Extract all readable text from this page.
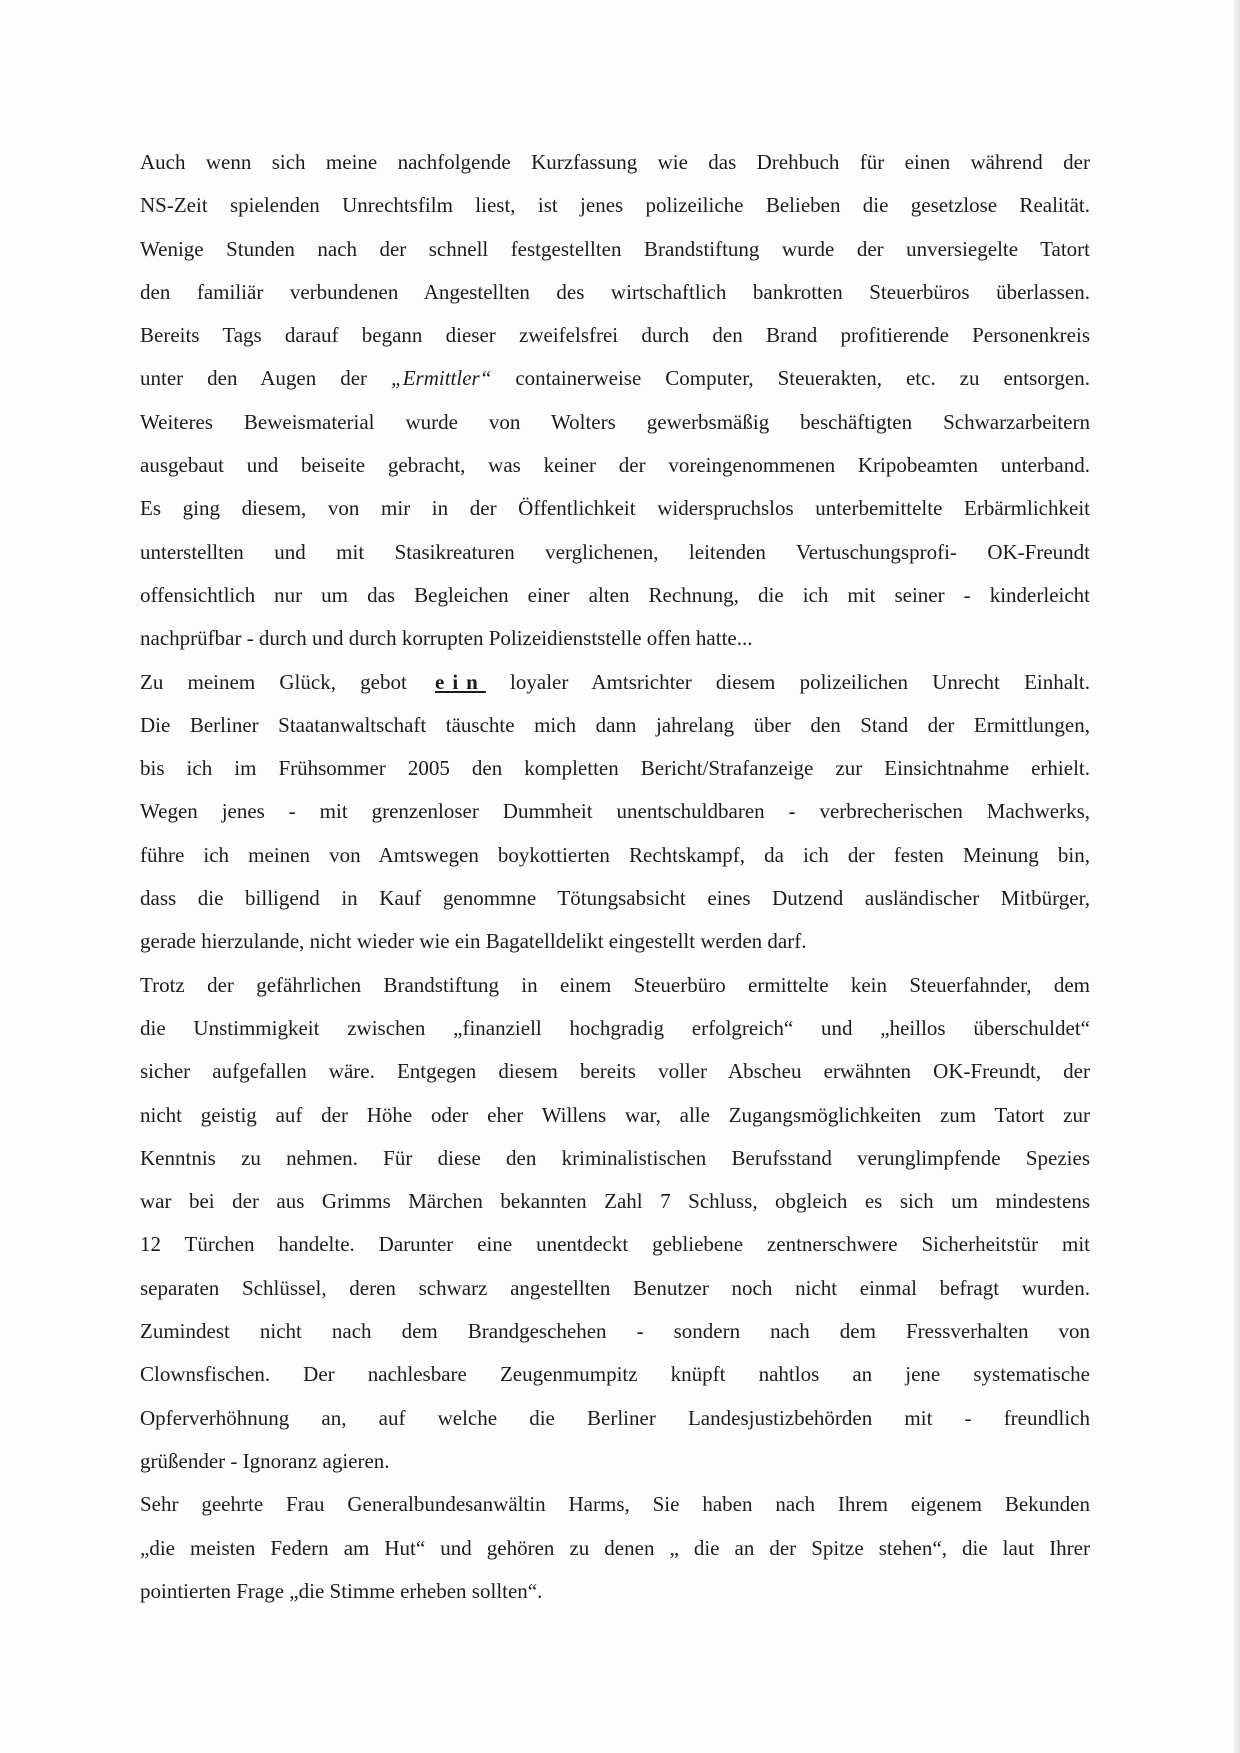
Auch wenn sich meine nachfolgende Kurzfassung wie das Drehbuch für einen während der
NS-Zeit spielenden Unrechtsfilm liest, ist jenes polizeiliche Belieben die gesetzlose Realität.
Wenige Stunden nach der schnell festgestellten Brandstiftung wurde der unversiegelte Tatort
den familiär verbundenen Angestellten des wirtschaftlich bankrotten Steuerbüros überlassen.
Bereits Tags darauf begann dieser zweifelsfrei durch den Brand profitierende Personenkreis
unter den Augen der „Ermittler“ containerweise Computer, Steuerakten, etc. zu entsorgen.
Weiteres Beweismaterial wurde von Wolters gewerbsmäßig beschäftigten Schwarzarbeitern
ausgebaut und beiseite gebracht, was keiner der voreingenommenen Kripobeamten unterband.
Es ging diesem, von mir in der Öffentlichkeit widerspruchslos unterbemittelte Erbärmlichkeit
unterstellten und mit Stasikreaturen verglichenen, leitenden Vertuschungsprofi- OK-Freundt
offensichtlich nur um das Begleichen einer alten Rechnung, die ich mit seiner - kinderleicht
nachprüfbar - durch und durch korrupten Polizeidienststelle offen hatte...
Zu meinem Glück, gebot ein loyaler Amtsrichter diesem polizeilichen Unrecht Einhalt.
Die Berliner Staatanwaltschaft täuschte mich dann jahrelang über den Stand der Ermittlungen,
bis ich im Frühsommer 2005 den kompletten Bericht/Strafanzeige zur Einsichtnahme erhielt.
Wegen jenes - mit grenzenloser Dummheit unentschuldbaren - verbrecherischen Machwerks,
führe ich meinen von Amtswegen boykottierten Rechtskampf, da ich der festen Meinung bin,
dass die billigend in Kauf genommne Tötungsabsicht eines Dutzend ausländischer Mitbürger,
gerade hierzulande, nicht wieder wie ein Bagatelldelikt eingestellt werden darf.
Trotz der gefährlichen Brandstiftung in einem Steuerbüro ermittelte kein Steuerfahnder, dem
die Unstimmigkeit zwischen „finanziell hochgradig erfolgreich“ und „heillos überschuldet“
sicher aufgefallen wäre. Entgegen diesem bereits voller Abscheu erwähnten OK-Freundt, der
nicht geistig auf der Höhe oder eher Willens war, alle Zugangsmöglichkeiten zum Tatort zur
Kenntnis zu nehmen. Für diese den kriminalistischen Berufsstand verunglimpfende Spezies
war bei der aus Grimms Märchen bekannten Zahl 7 Schluss, obgleich es sich um mindestens
12 Türchen handelte. Darunter eine unentdeckt gebliebene zentnerschwere Sicherheitstür mit
separaten Schlüssel, deren schwarz angestellten Benutzer noch nicht einmal befragt wurden.
Zumindest nicht nach dem Brandgeschehen - sondern nach dem Fressverhalten von
Clownsfischen. Der nachlesbare Zeugenmumpitz knüpft nahtlos an jene systematische
Opferverhöhnung an, auf welche die Berliner Landesjustizbehörden mit - freundlich
grüßender - Ignoranz agieren.
Sehr geehrte Frau Generalbundesanwältin Harms, Sie haben nach Ihrem eigenem Bekunden
„die meisten Federn am Hut“ und gehören zu denen „ die an der Spitze stehen“, die laut Ihrer
pointierten Frage „die Stimme erheben sollten“.
